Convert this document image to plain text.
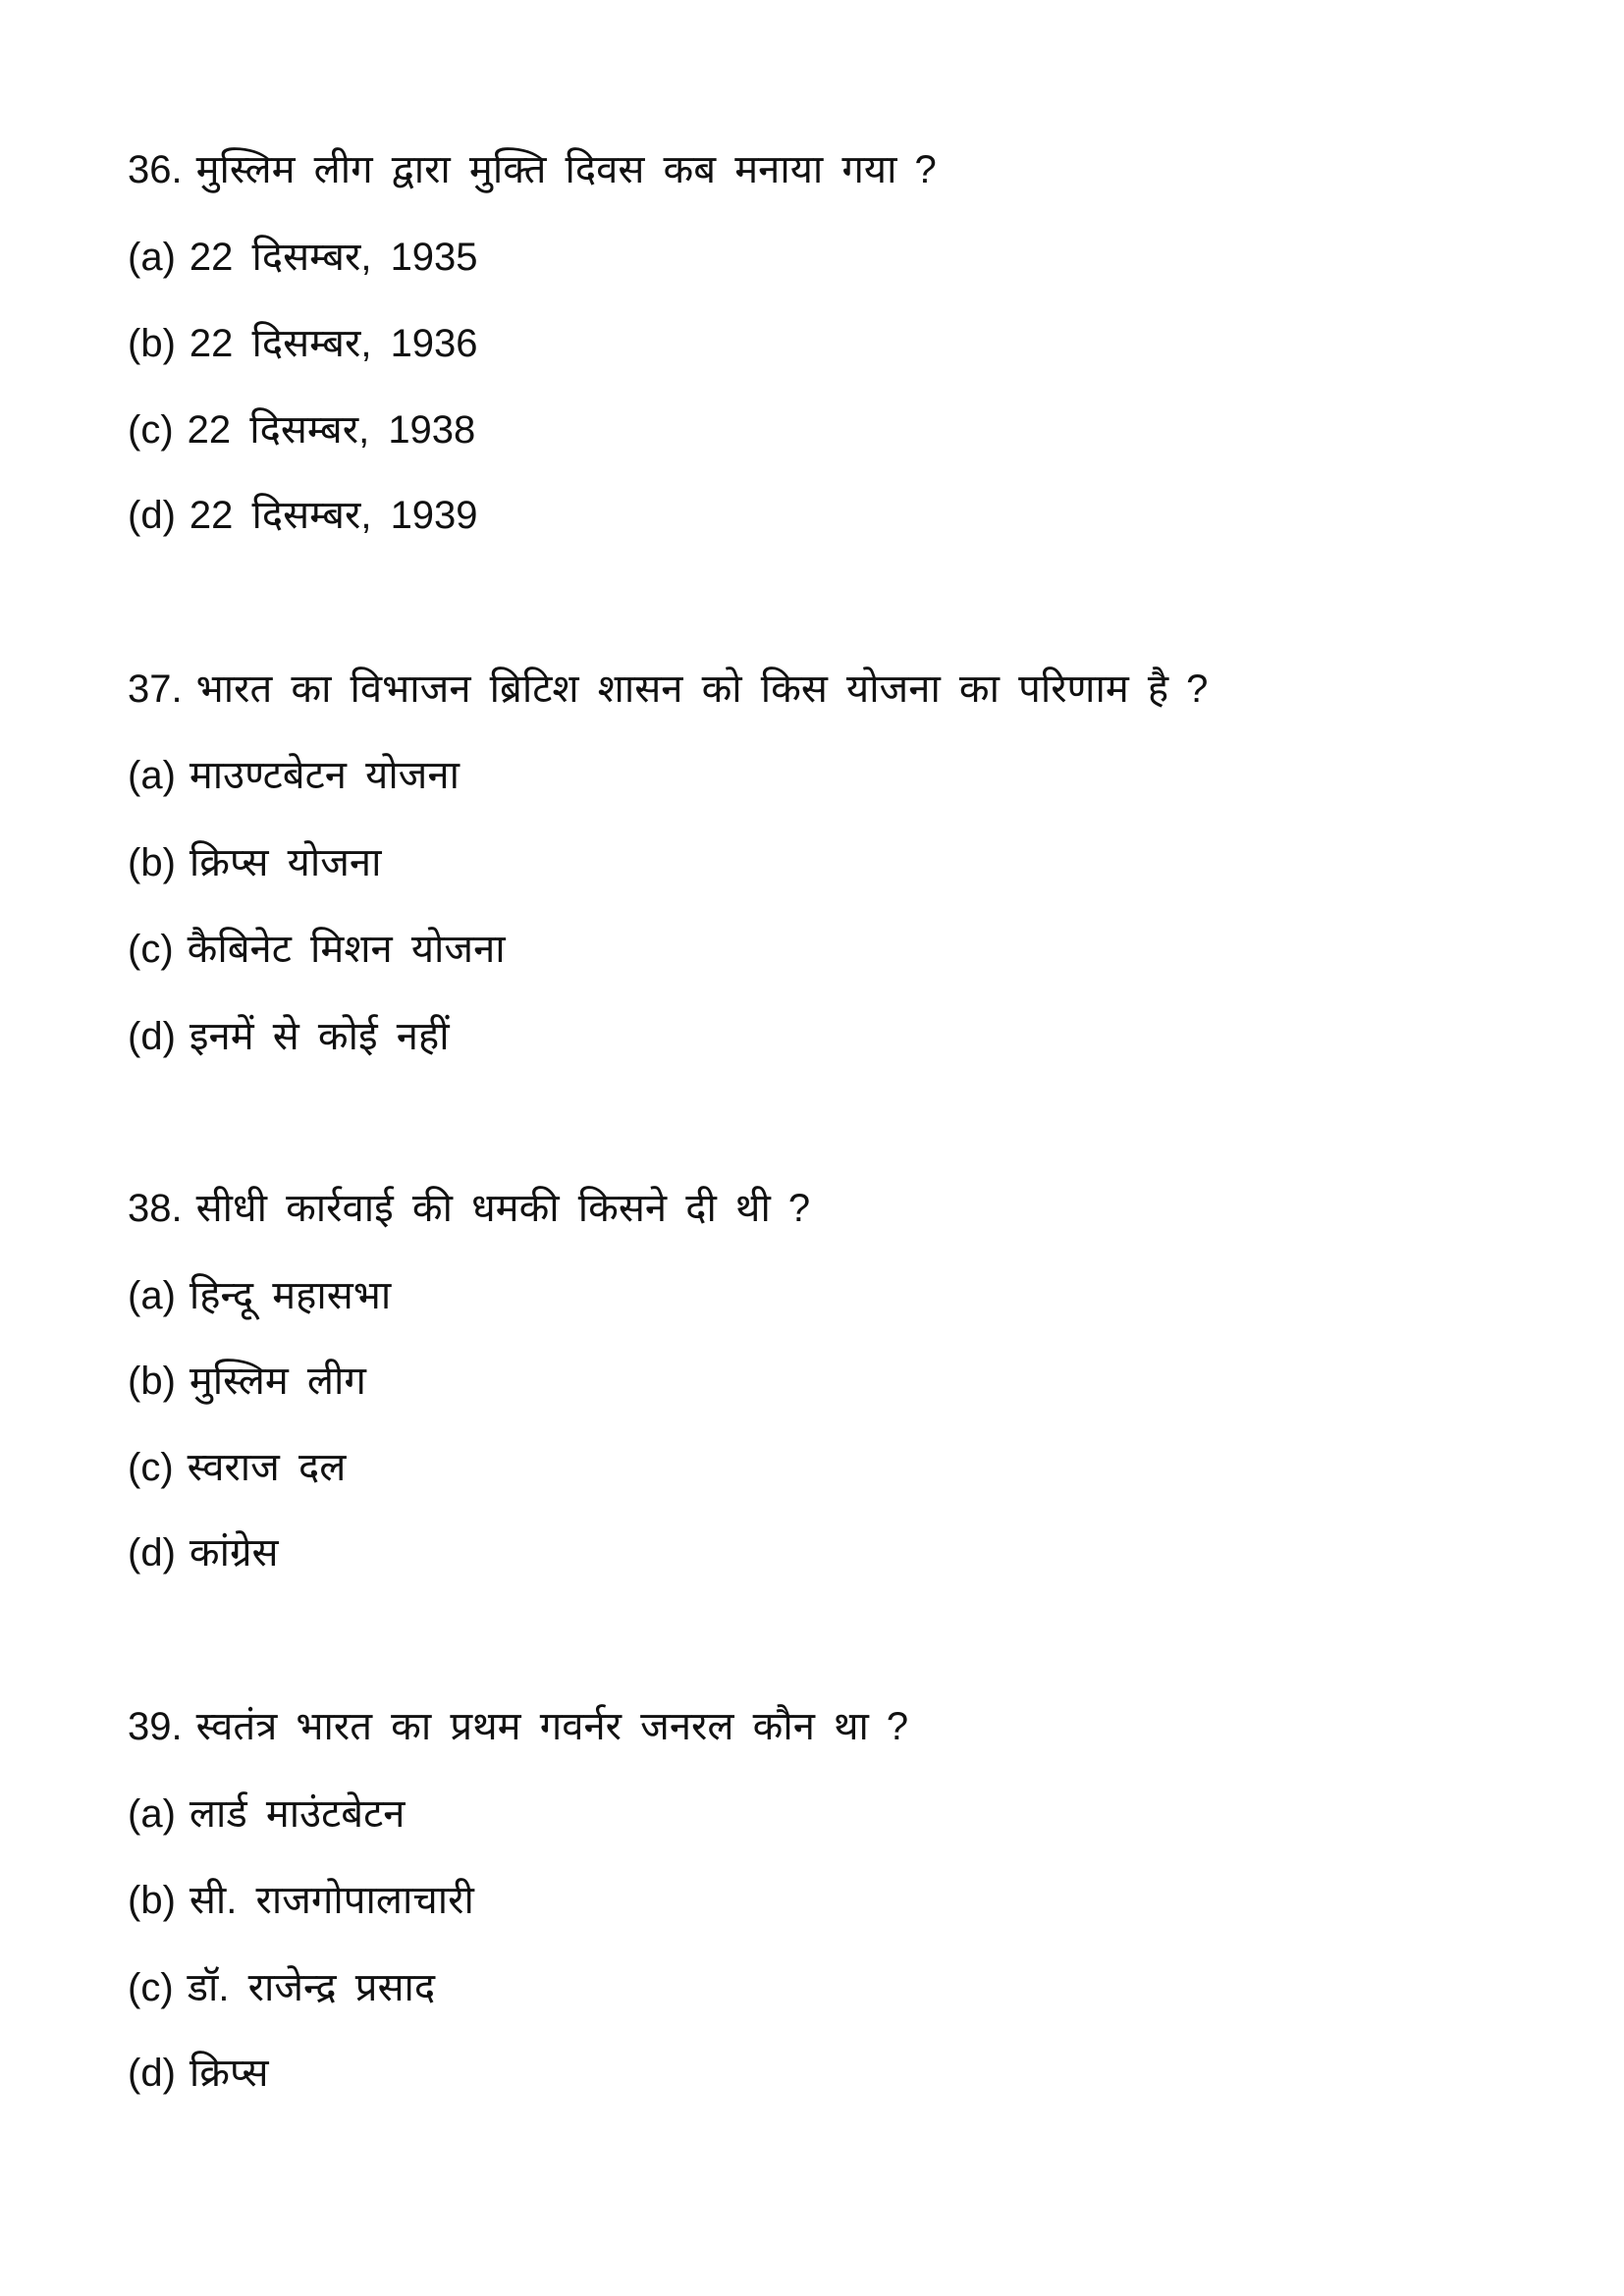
36. मुस्लिम लीग द्वारा मुक्ति दिवस कब मनाया गया ?
(a) 22 दिसम्बर, 1935
(b) 22 दिसम्बर, 1936
(c) 22 दिसम्बर, 1938
(d) 22 दिसम्बर, 1939
37. भारत का विभाजन ब्रिटिश शासन को किस योजना का परिणाम है ?
(a) माउण्टबेटन योजना
(b) क्रिप्स योजना
(c) कैबिनेट मिशन योजना
(d) इनमें से कोई नहीं
38. सीधी कार्रवाई की धमकी किसने दी थी ?
(a) हिन्दू महासभा
(b) मुस्लिम लीग
(c) स्वराज दल
(d) कांग्रेस
39. स्वतंत्र भारत का प्रथम गवर्नर जनरल कौन था ?
(a) लार्ड माउंटबेटन
(b) सी. राजगोपालाचारी
(c) डॉ. राजेन्द्र प्रसाद
(d) क्रिप्स
